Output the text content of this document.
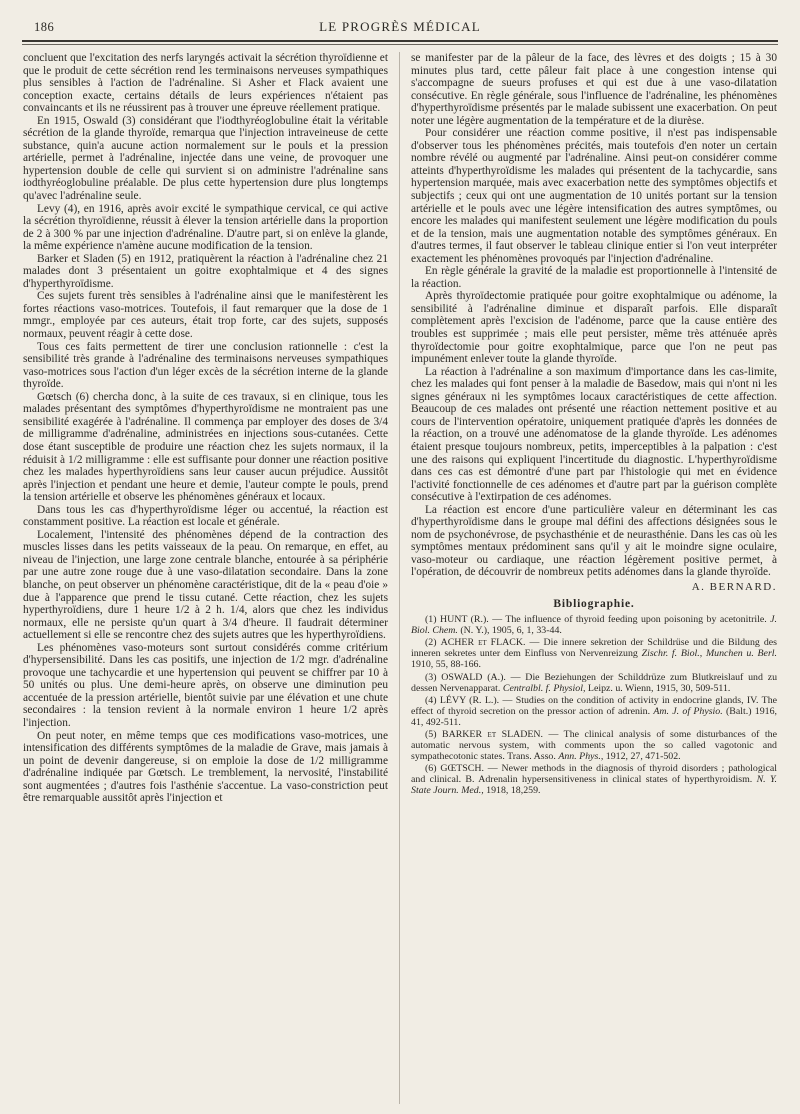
186	LE PROGRÈS MÉDICAL

concluent que l'excitation des nerfs laryngés activait la sécrétion thyroïdienne et que le produit de cette sécrétion rend les terminaisons nerveuses sympathiques plus sensibles à l'action de l'adrénaline. Si Asher et Flack avaient une conception exacte, certains détails de leurs expériences n'étaient pas convaincants et ils ne réussirent pas à trouver une épreuve réellement pratique.

En 1915, Oswald (3) considérant que l'iodthyréoglobuline était la véritable sécrétion de la glande thyroïde, remarqua que l'injection intraveineuse de cette substance, quin'a aucune action normalement sur le pouls et la pression artérielle, permet à l'adrénaline, injectée dans une veine, de provoquer une hypertension double de celle qui survient si on administre l'adrénaline sans iodthyréoglobuline préalable. De plus cette hypertension dure plus longtemps qu'avec l'adrénaline seule.

Levy (4), en 1916, après avoir excité le sympathique cervical, ce qui active la sécrétion thyroïdienne, réussit à élever la tension artérielle dans la proportion de 2 à 300 % par une injection d'adrénaline. D'autre part, si on enlève la glande, la même expérience n'amène aucune modification de la tension.

Barker et Sladen (5) en 1912, pratiquèrent la réaction à l'adrénaline chez 21 malades dont 3 présentaient un goitre exophtalmique et 4 des signes d'hyperthyroïdisme.

Ces sujets furent très sensibles à l'adrénaline ainsi que le manifestèrent les fortes réactions vaso-motrices. Toutefois, il faut remarquer que la dose de 1 mmgr., employée par ces auteurs, était trop forte, car des sujets, supposés normaux, peuvent réagir à cette dose.

Tous ces faits permettent de tirer une conclusion rationnelle : c'est la sensibilité très grande à l'adrénaline des terminaisons nerveuses sympathiques vaso-motrices sous l'action d'un léger excès de la sécrétion interne de la glande thyroïde.

Gœtsch (6) chercha donc, à la suite de ces travaux, si en clinique, tous les malades présentant des symptômes d'hyperthyroïdisme ne montraient pas une sensibilité exagérée à l'adrénaline. Il commença par employer des doses de 3/4 de milligramme d'adrénaline, administrées en injections sous-cutanées. Cette dose étant susceptible de produire une réaction chez les sujets normaux, il la réduisit à 1/2 milligramme : elle est suffisante pour donner une réaction positive chez les malades hyperthyroïdiens sans leur causer aucun préjudice. Aussitôt après l'injection et pendant une heure et demie, l'auteur compte le pouls, prend la tension artérielle et observe les phénomènes généraux et locaux.

Dans tous les cas d'hyperthyroïdisme léger ou accentué, la réaction est constamment positive. La réaction est locale et générale.

Localement, l'intensité des phénomènes dépend de la contraction des muscles lisses dans les petits vaisseaux de la peau. On remarque, en effet, au niveau de l'injection, une large zone centrale blanche, entourée à sa périphérie par une autre zone rouge due à une vaso-dilatation secondaire. Dans la zone blanche, on peut observer un phénomène caractéristique, dit de la « peau d'oie » due à l'apparence que prend le tissu cutané. Cette réaction, chez les sujets hyperthyroïdiens, dure 1 heure 1/2 à 2 h. 1/4, alors que chez les individus normaux, elle ne persiste qu'un quart à 3/4 d'heure. Il faudrait déterminer actuellement si elle se rencontre chez des sujets autres que les hyperthyroïdiens.

Les phénomènes vaso-moteurs sont surtout considérés comme critérium d'hypersensibilité. Dans les cas positifs, une injection de 1/2 mgr. d'adrénaline provoque une tachycardie et une hypertension qui peuvent se chiffrer par 10 à 50 unités ou plus. Une demi-heure après, on observe une diminution peu accentuée de la pression artérielle, bientôt suivie par une élévation et une chute secondaires : la tension revient à la normale environ 1 heure 1/2 après l'injection.

On peut noter, en même temps que ces modifications vaso-motrices, une intensification des différents symptômes de la maladie de Grave, mais jamais à un point de devenir dangereuse, si on emploie la dose de 1/2 milligramme d'adrénaline indiquée par Gœtsch. Le tremblement, la nervosité, l'instabilité sont augmentées ; d'autres fois l'asthénie s'accentue. La vaso-constriction peut être remarquable aussitôt après l'injection et

se manifester par de la pâleur de la face, des lèvres et des doigts ; 15 à 30 minutes plus tard, cette pâleur fait place à une congestion intense qui s'accompagne de sueurs profuses et qui est due à une vaso-dilatation consécutive. En règle générale, sous l'influence de l'adrénaline, les phénomènes d'hyperthyroïdisme présentés par le malade subissent une exacerbation. On peut noter une légère augmentation de la température et de la diurèse.

Pour considérer une réaction comme positive, il n'est pas indispensable d'observer tous les phénomènes précités, mais toutefois d'en noter un certain nombre révélé ou augmenté par l'adrénaline. Ainsi peut-on considérer comme atteints d'hyperthyroïdisme les malades qui présentent de la tachycardie, sans hypertension marquée, mais avec exacerbation nette des symptômes objectifs et subjectifs ; ceux qui ont une augmentation de 10 unités portant sur la tension artérielle et le pouls avec une légère intensification des autres symptômes, ou encore les malades qui manifestent seulement une légère modification du pouls et de la tension, mais une augmentation notable des symptômes généraux. En d'autres termes, il faut observer le tableau clinique entier si l'on veut interpréter exactement les phénomènes provoqués par l'injection d'adrénaline.

En règle générale la gravité de la maladie est proportionnelle à l'intensité de la réaction.

Après thyroïdectomie pratiquée pour goitre exophtalmique ou adénome, la sensibilité à l'adrénaline diminue et disparaît parfois. Elle disparaît complètement après l'excision de l'adénome, parce que la cause entière des troubles est supprimée ; mais elle peut persister, même très atténuée après thyroïdectomie pour goitre exophtalmique, parce que l'on ne peut pas impunément enlever toute la glande thyroïde.

La réaction à l'adrénaline a son maximum d'importance dans les cas-limite, chez les malades qui font penser à la maladie de Basedow, mais qui n'ont ni les signes généraux ni les symptômes locaux caractéristiques de cette affection. Beaucoup de ces malades ont présenté une réaction nettement positive et au cours de l'intervention opératoire, uniquement pratiquée d'après les données de la réaction, on a trouvé une adénomatose de la glande thyroïde. Les adénomes étaient presque toujours nombreux, petits, imperceptibles à la palpation : c'est une des raisons qui expliquent l'incertitude du diagnostic. L'hyperthyroïdisme dans ces cas est démontré d'une part par l'histologie qui met en évidence l'activité fonctionnelle de ces adénomes et d'autre part par la guérison complète consécutive à l'extirpation de ces adénomes.

La réaction est encore d'une particulière valeur en déterminant les cas d'hyperthyroïdisme dans le groupe mal défini des affections désignées sous le nom de psychonévrose, de psychasthénie et de neurasthénie. Dans les cas où les symptômes mentaux prédominent sans qu'il y ait le moindre signe oculaire, vaso-moteur ou cardiaque, une réaction légèrement positive permet, à l'opération, de découvrir de nombreux petits adénomes dans la glande thyroïde.

A. BERNARD.
Bibliographie.

(1) HUNT (R.). — The influence of thyroid feeding upon poisoning by acetonitrile. J. Biol. Chem. (N. Y.), 1905, 6, 1, 33-44.

(2) ACHER et FLACK. — Die innere sekretion der Schildrüse und die Bildung des inneren sekretes unter dem Einfluss von Nervenreizung Zischr. f. Biol., Munchen u. Berl. 1910, 55, 88-166.

(3) OSWALD (A.). — Die Beziehungen der Schilddrüze zum Blutkreislauf und zu dessen Nervenapparat. Centralbl. f. Physiol, Leipz. u. Wienn, 1915, 30, 509-511.

(4) LÉVY (R. L.). — Studies on the condition of activity in endocrine glands, IV. The effect of thyroid secretion on the pressor action of adrenin. Am. J. of Physio. (Balt.) 1916, 41, 492-511.

(5) BARKER et SLADEN. — The clinical analysis of some disturbances of the automatic nervous system, with comments upon the so called vagotonic and sympathecotonic states. Trans. Asso. Ann. Phys., 1912, 27, 471-502.

(6) GŒTSCH. — Newer methods in the diagnosis of thyroid disorders ; pathological and clinical. B. Adrenalin hypersensitiveness in clinical states of hyperthyroidism. N. Y. State Journ. Med., 1918, 18,259.
